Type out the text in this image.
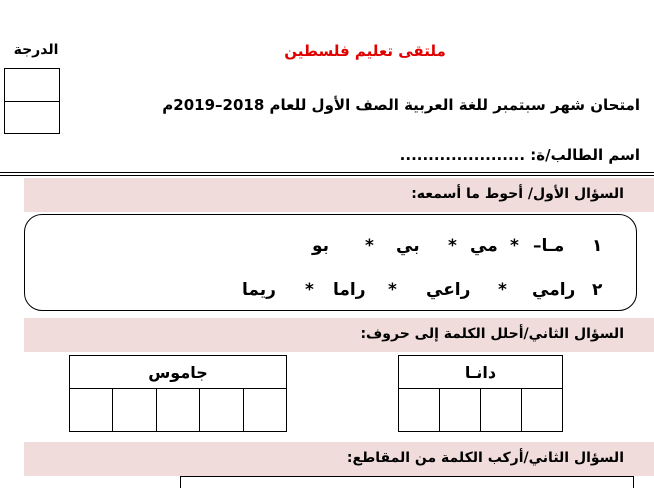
ملتقى تعليم فلسطين
الدرجة
امتحان شهر سبتمبر للغة العربية الصف الأول للعام 2018–2019م
اسم الطالب/ة: ......................
السؤال الأول/ أحوط ما أسمعه:
١
–مـا
*
مي
*
بي
*
بو
٢
رامي
*
راعي
*
راما
*
ريما
السؤال الثاني/أحلل الكلمة إلى حروف:
دانـا

جاموس

السؤال الثاني/أركب الكلمة من المقاطع:
